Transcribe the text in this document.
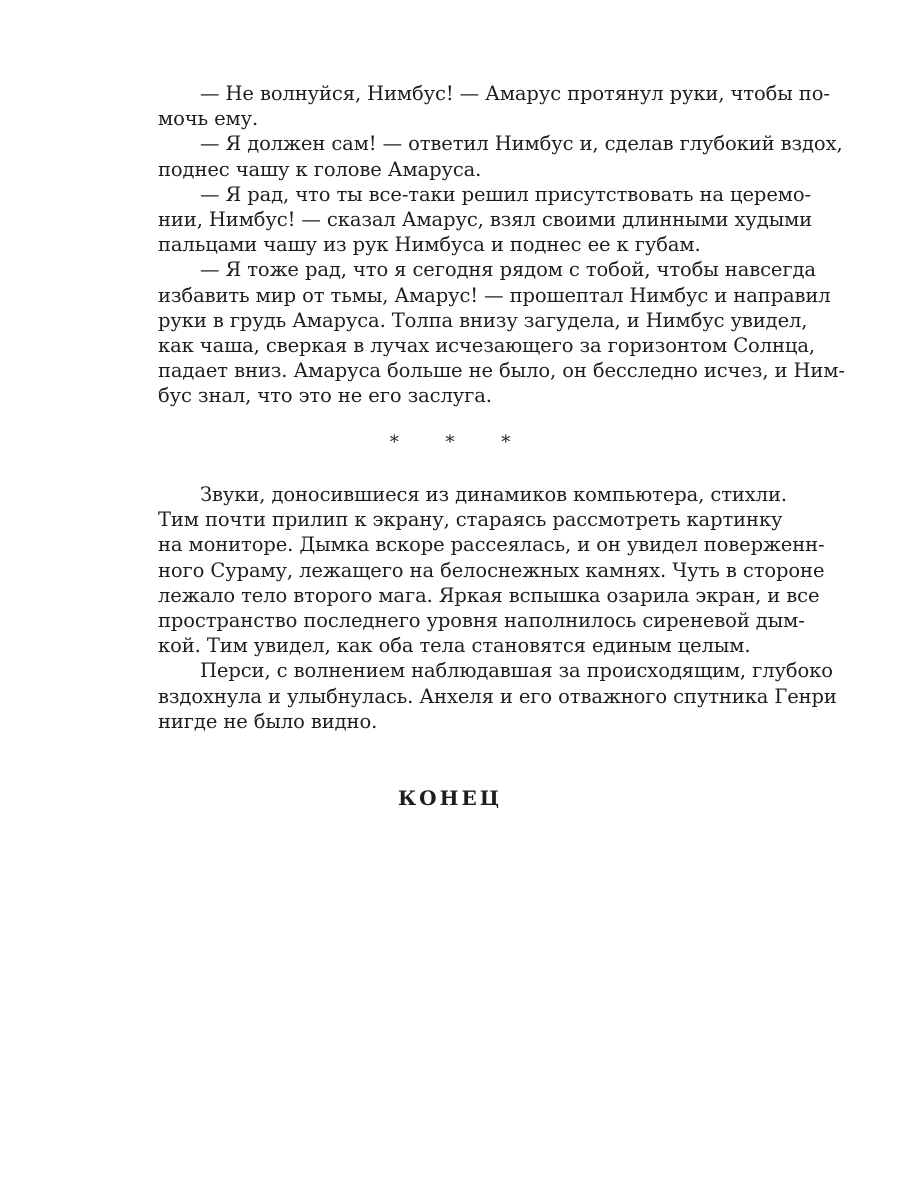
— Не волнуйся, Нимбус! — Амарус протянул руки, чтобы по-
мочь ему.
— Я должен сам! — ответил Нимбус и, сделав глубокий вздох,
поднес чашу к голове Амаруса.
— Я рад, что ты все-таки решил присутствовать на церемо-
нии, Нимбус! — сказал Амарус, взял своими длинными худыми
пальцами чашу из рук Нимбуса и поднес ее к губам.
— Я тоже рад, что я сегодня рядом с тобой, чтобы навсегда
избавить мир от тьмы, Амарус! — прошептал Нимбус и направил
руки в грудь Амаруса. Толпа внизу загудела, и Нимбус увидел,
как чаша, сверкая в лучах исчезающего за горизонтом Солнца,
падает вниз. Амаруса больше не было, он бесследно исчез, и Ним-
бус знал, что это не его заслуга.
*	*	*
Звуки, доносившиеся из динамиков компьютера, стихли.
Тим почти прилип к экрану, стараясь рассмотреть картинку
на мониторе. Дымка вскоре рассеялась, и он увидел поверженн-
ного Сураму, лежащего на белоснежных камнях. Чуть в стороне
лежало тело второго мага. Яркая вспышка озарила экран, и все
пространство последнего уровня наполнилось сиреневой дым-
кой. Тим увидел, как оба тела становятся единым целым.
Перси, с волнением наблюдавшая за происходящим, глубоко
вздохнула и улыбнулась. Анхеля и его отважного спутника Генри
нигде не было видно.
КОНЕЦ
